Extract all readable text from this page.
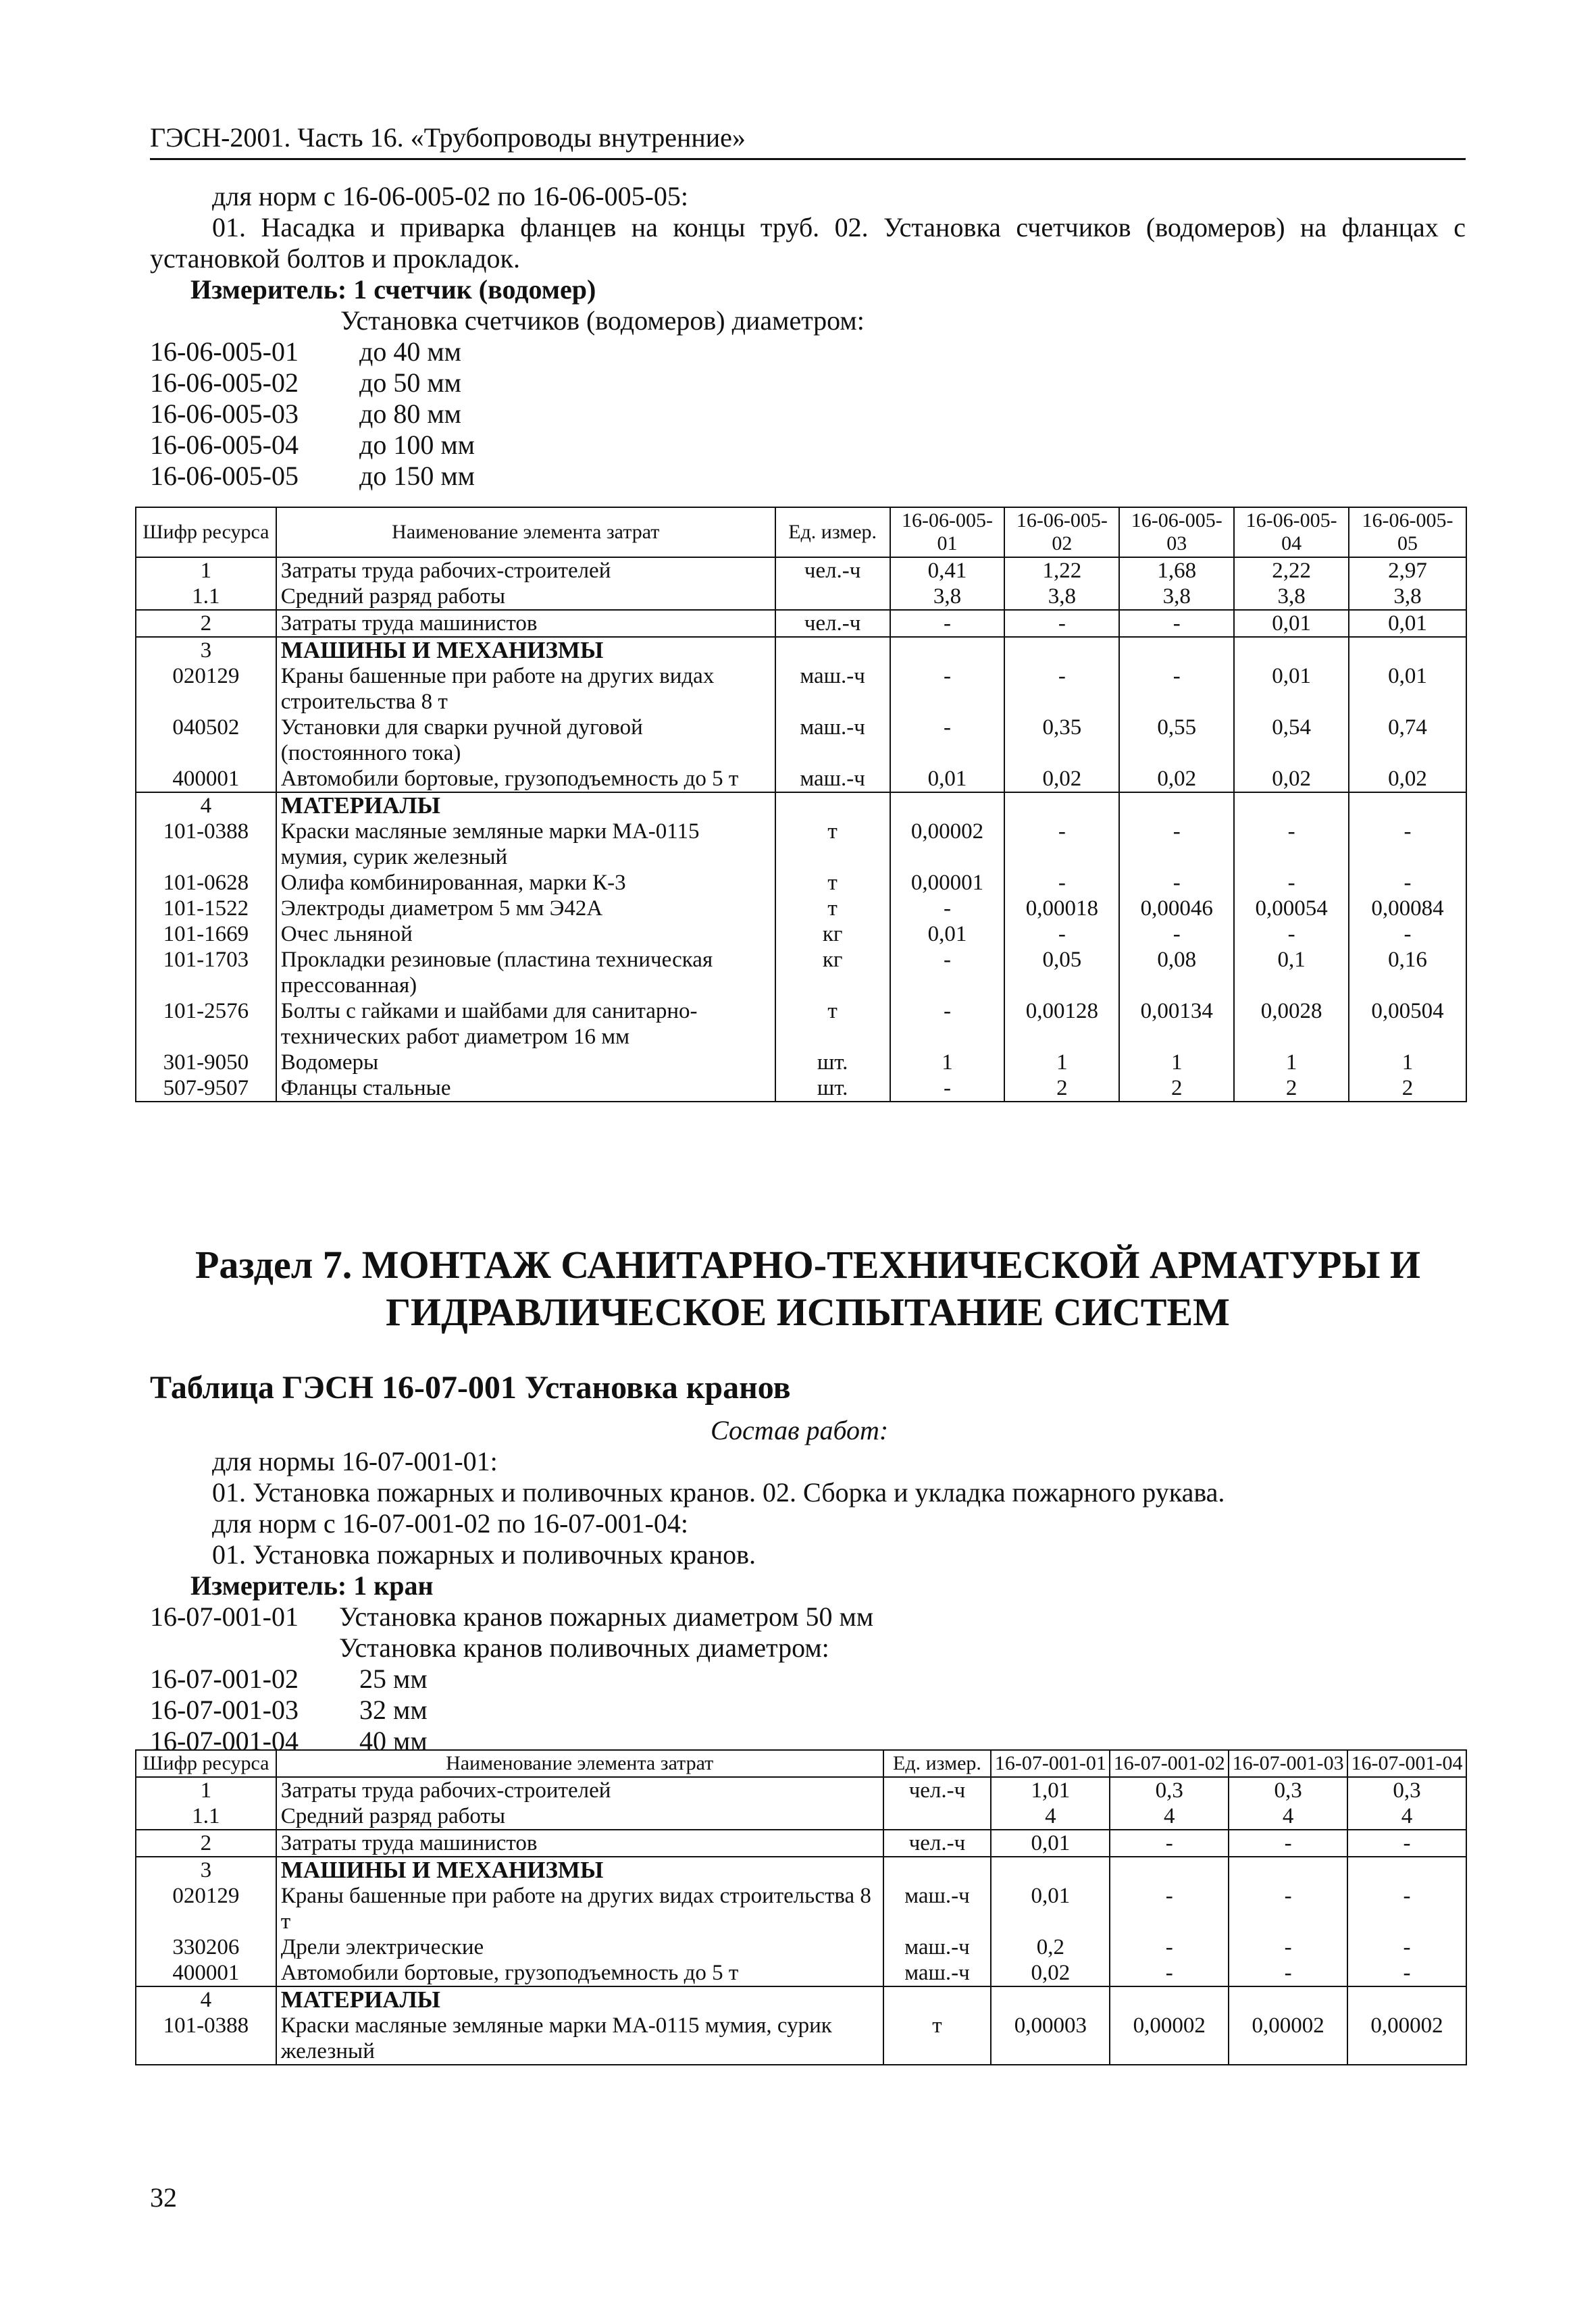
ГЭСН-2001. Часть 16. «Трубопроводы внутренние»
для норм с 16-06-005-02 по 16-06-005-05:
01. Насадка и приварка фланцев на концы труб. 02. Установка счетчиков (водомеров) на фланцах с установкой болтов и прокладок.
Измеритель: 1 счетчик (водомер)
Установка счетчиков (водомеров) диаметром:
16-06-005-01	до 40 мм
16-06-005-02	до 50 мм
16-06-005-03	до 80 мм
16-06-005-04	до 100 мм
16-06-005-05	до 150 мм
Шифр ресурса	Наименование элемента затрат	Ед. измер.	16-06-005-01	16-06-005-02	16-06-005-03	16-06-005-04	16-06-005-05
1	Затраты труда рабочих-строителей	чел.-ч	0,41	1,22	1,68	2,22	2,97
1.1	Средний разряд работы		3,8	3,8	3,8	3,8	3,8
2	Затраты труда машинистов	чел.-ч	-	-	-	0,01	0,01
3	МАШИНЫ И МЕХАНИЗМЫ						
020129	Краны башенные при работе на других видах строительства 8 т	маш.-ч	-	-	-	0,01	0,01
040502	Установки для сварки ручной дуговой (постоянного тока)	маш.-ч	-	0,35	0,55	0,54	0,74
400001	Автомобили бортовые, грузоподъемность до 5 т	маш.-ч	0,01	0,02	0,02	0,02	0,02
4	МАТЕРИАЛЫ						
101-0388	Краски масляные земляные марки МА-0115 мумия, сурик железный	т	0,00002	-	-	-	-
101-0628	Олифа комбинированная, марки К-3	т	0,00001	-	-	-	-
101-1522	Электроды диаметром 5 мм Э42А	т	-	0,00018	0,00046	0,00054	0,00084
101-1669	Очес льняной	кг	0,01	-	-	-	-
101-1703	Прокладки резиновые (пластина техническая прессованная)	кг	-	0,05	0,08	0,1	0,16
101-2576	Болты с гайками и шайбами для санитарно-технических работ диаметром 16 мм	т	-	0,00128	0,00134	0,0028	0,00504
301-9050	Водомеры	шт.	1	1	1	1	1
507-9507	Фланцы стальные	шт.	-	2	2	2	2
Раздел 7. МОНТАЖ САНИТАРНО-ТЕХНИЧЕСКОЙ АРМАТУРЫ И ГИДРАВЛИЧЕСКОЕ ИСПЫТАНИЕ СИСТЕМ
Таблица ГЭСН 16-07-001 Установка кранов
Состав работ:
для нормы 16-07-001-01:
01. Установка пожарных и поливочных кранов. 02. Сборка и укладка пожарного рукава.
для норм с 16-07-001-02 по 16-07-001-04:
01. Установка пожарных и поливочных кранов.
Измеритель: 1 кран
16-07-001-01	Установка кранов пожарных диаметром 50 мм
Установка кранов поливочных диаметром:
16-07-001-02	25 мм
16-07-001-03	32 мм
16-07-001-04	40 мм
Шифр ресурса	Наименование элемента затрат	Ед. измер.	16-07-001-01	16-07-001-02	16-07-001-03	16-07-001-04
1	Затраты труда рабочих-строителей	чел.-ч	1,01	0,3	0,3	0,3
1.1	Средний разряд работы		4	4	4	4
2	Затраты труда машинистов	чел.-ч	0,01	-	-	-
3	МАШИНЫ И МЕХАНИЗМЫ					
020129	Краны башенные при работе на других видах строительства 8 т	маш.-ч	0,01	-	-	-
330206	Дрели электрические	маш.-ч	0,2	-	-	-
400001	Автомобили бортовые, грузоподъемность до 5 т	маш.-ч	0,02	-	-	-
4	МАТЕРИАЛЫ					
101-0388	Краски масляные земляные марки МА-0115 мумия, сурик железный	т	0,00003	0,00002	0,00002	0,00002
32
